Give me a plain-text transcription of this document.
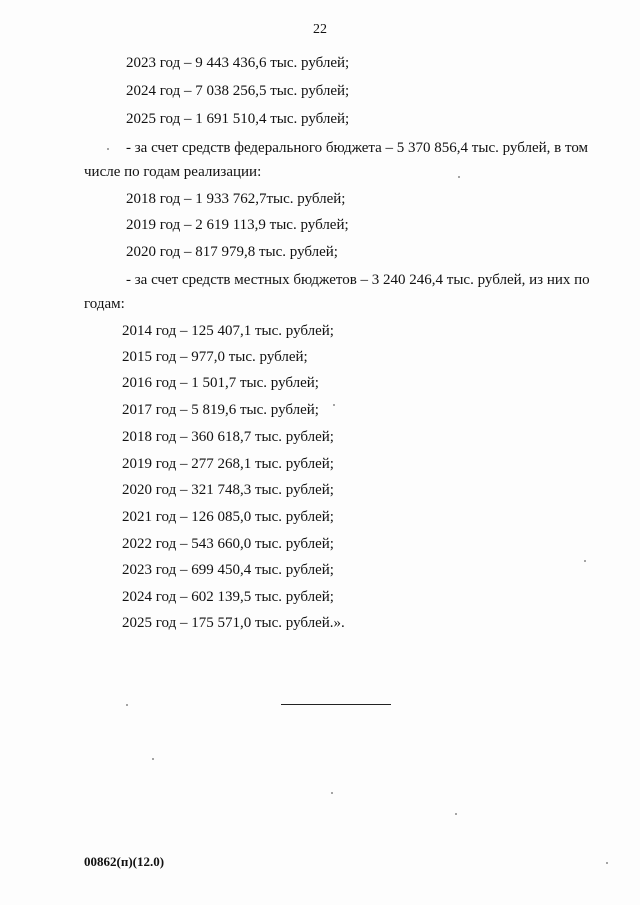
22
2023 год – 9 443 436,6 тыс. рублей;
2024 год – 7 038 256,5 тыс. рублей;
2025 год – 1 691 510,4 тыс. рублей;
- за счет средств федерального бюджета – 5 370 856,4 тыс. рублей, в том
числе по годам реализации:
2018 год – 1 933 762,7тыс. рублей;
2019 год – 2 619 113,9 тыс. рублей;
2020 год – 817 979,8 тыс. рублей;
- за счет средств местных бюджетов – 3 240 246,4 тыс. рублей, из них по
годам:
2014 год – 125 407,1 тыс. рублей;
2015 год – 977,0 тыс. рублей;
2016 год – 1 501,7 тыс. рублей;
2017 год – 5 819,6 тыс. рублей;
2018 год – 360 618,7 тыс. рублей;
2019 год – 277 268,1 тыс. рублей;
2020 год – 321 748,3 тыс. рублей;
2021 год – 126 085,0 тыс. рублей;
2022 год – 543 660,0 тыс. рублей;
2023 год – 699 450,4 тыс. рублей;
2024 год – 602 139,5 тыс. рублей;
2025 год – 175 571,0 тыс. рублей.».
00862(п)(12.0)
